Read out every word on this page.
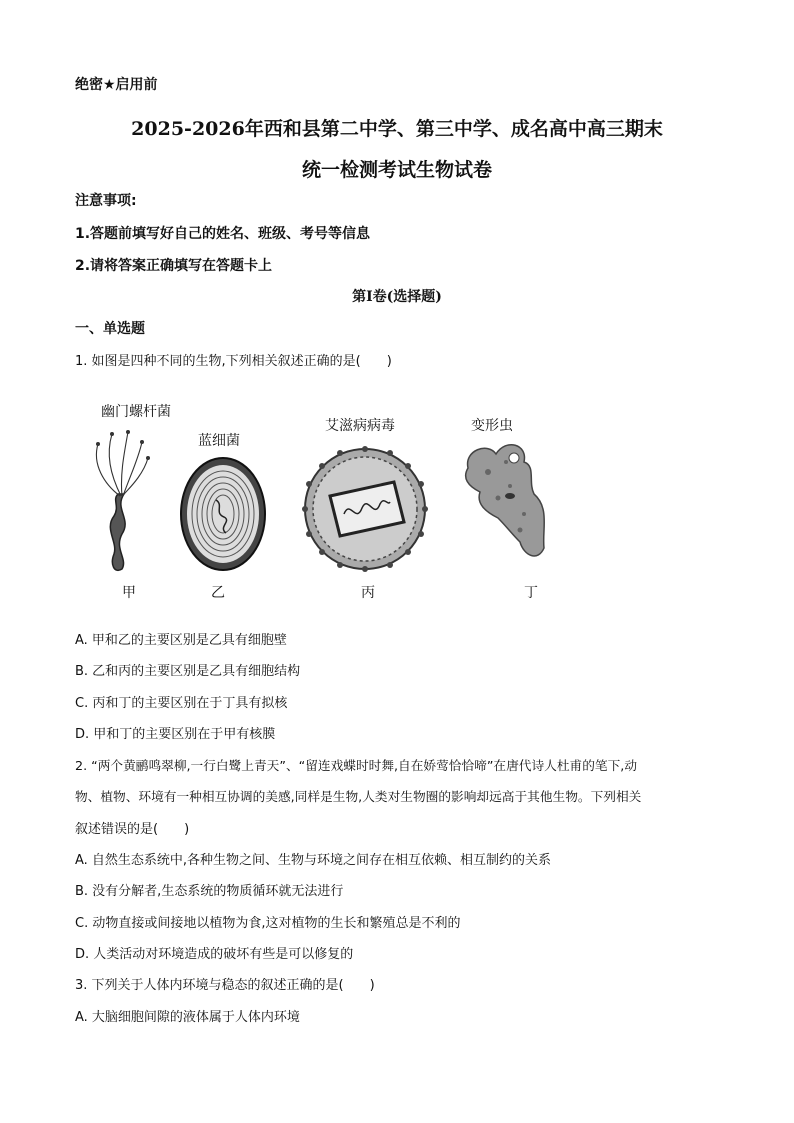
绝密★启用前
2025-2026年西和县第二中学、第三中学、成名高中高三期末
统一检测考试生物试卷
注意事项:
1.答题前填写好自己的姓名、班级、考号等信息
2.请将答案正确填写在答题卡上
第I卷(选择题)
一、单选题
1. 如图是四种不同的生物,下列相关叙述正确的是(　　)
幽门螺杆菌
蓝细菌
艾滋病病毒	变形虫
甲	乙	丙	丁
A. 甲和乙的主要区别是乙具有细胞壁
B. 乙和丙的主要区别是乙具有细胞结构
C. 丙和丁的主要区别在于丁具有拟核
D. 甲和丁的主要区别在于甲有核膜
2. “两个黄鹂鸣翠柳,一行白鹭上青天”、“留连戏蝶时时舞,自在娇莺恰恰啼”在唐代诗人杜甫的笔下,动
物、植物、环境有一种相互协调的美感,同样是生物,人类对生物圈的影响却远高于其他生物。下列相关
叙述错误的是(　　)
A. 自然生态系统中,各种生物之间、生物与环境之间存在相互依赖、相互制约的关系
B. 没有分解者,生态系统的物质循环就无法进行
C. 动物直接或间接地以植物为食,这对植物的生长和繁殖总是不利的
D. 人类活动对环境造成的破坏有些是可以修复的
3. 下列关于人体内环境与稳态的叙述正确的是(　　)
A. 大脑细胞间隙的液体属于人体内环境
